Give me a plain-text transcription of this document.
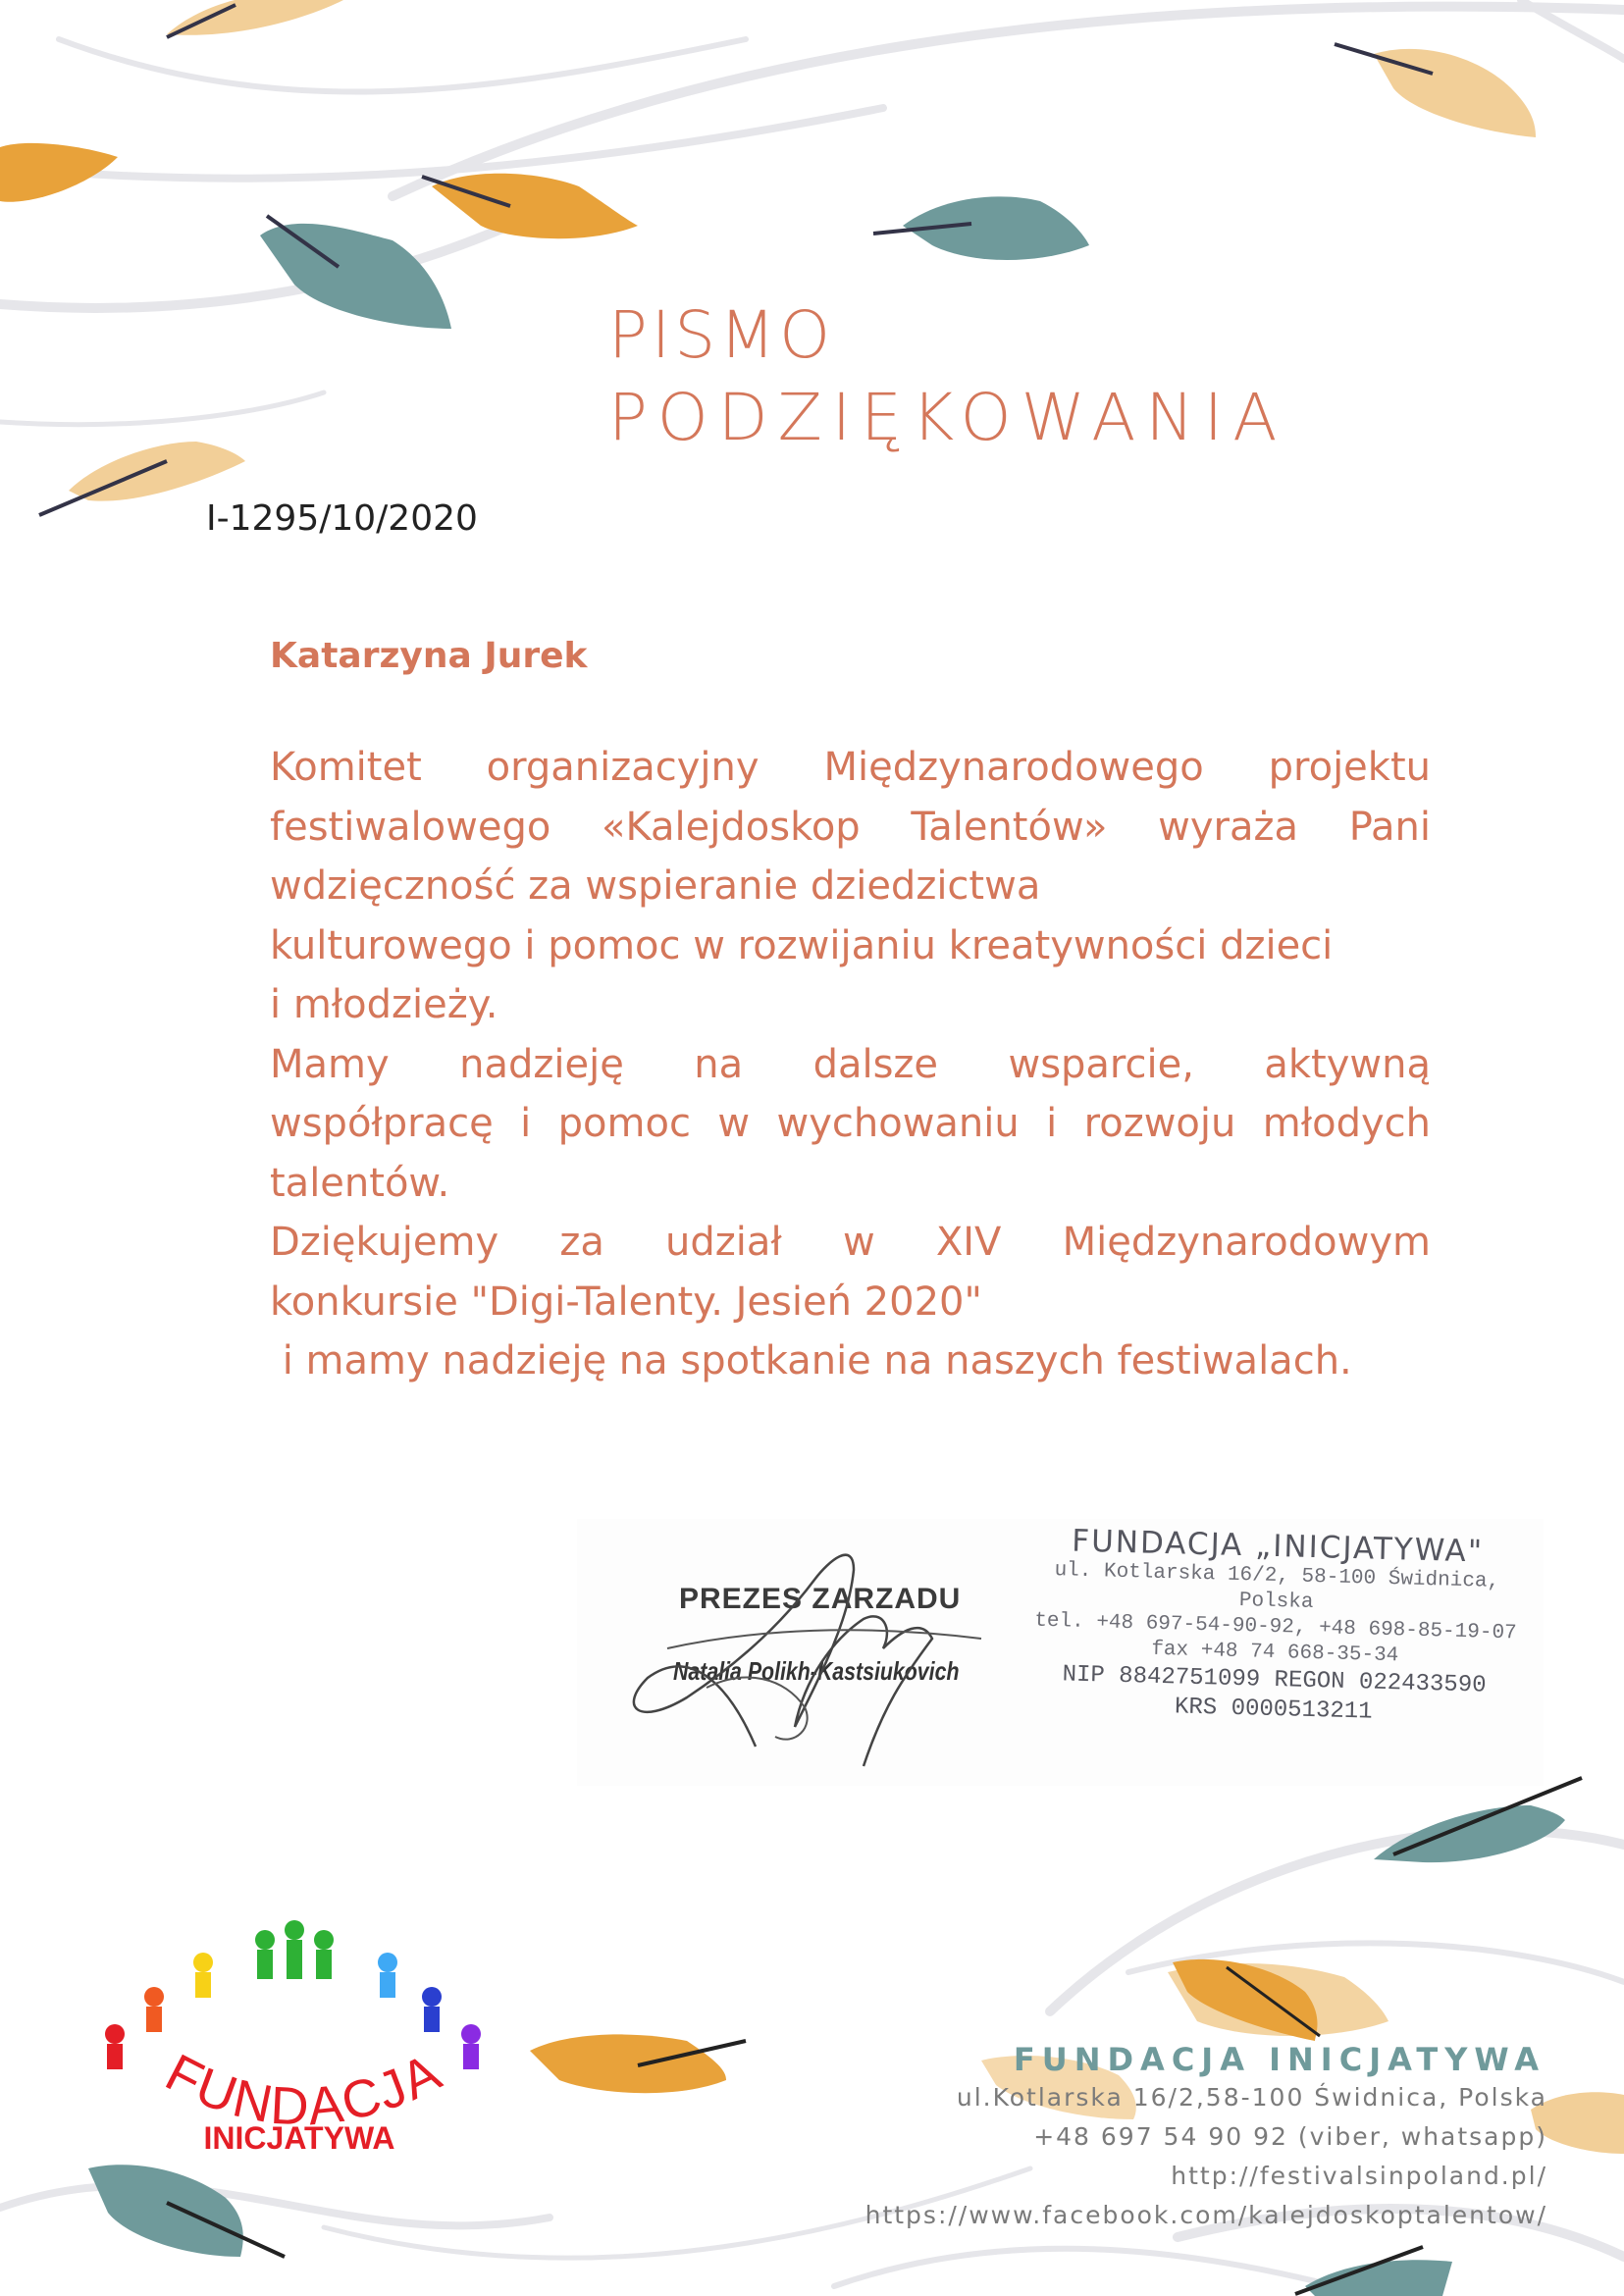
PISMO
PODZIĘKOWANIA
I-1295/10/2020
Katarzyna Jurek

Komitet organizacyjny Międzynarodowego projektu

festiwalowego «Kalejdoskop Talentów» wyraża Pani

wdzięczność za wspieranie dziedzictwa

kulturowego i pomoc w rozwijaniu kreatywności dzieci

i młodzieży.

Mamy nadzieję na dalsze wsparcie, aktywną

współpracę i pomoc w wychowaniu i rozwoju młodych

talentów.

Dziękujemy za udział w XIV Międzynarodowym

konkursie "Digi-Talenty. Jesień 2020"

i mamy nadzieję na spotkanie na naszych festiwalach.

PREZES ZARZADU
Natalia Polikh-Kastsiukovich
FUNDACJA „INICJATYWA"
ul. Kotlarska 16/2, 58-100 Świdnica, Polska
tel. +48 697-54-90-92, +48 698-85-19-07
fax +48 74 668-35-34
NIP 8842751099 REGON 022433590
KRS 0000513211
FUNDACJA
INICJATYWA
FUNDACJA INICJATYWA
ul.Kotlarska 16/2,58-100 Świdnica, Polska
+48 697 54 90 92 (viber, whatsapp)
http://festivalsinpoland.pl/
https://www.facebook.com/kalejdoskoptalentow/
